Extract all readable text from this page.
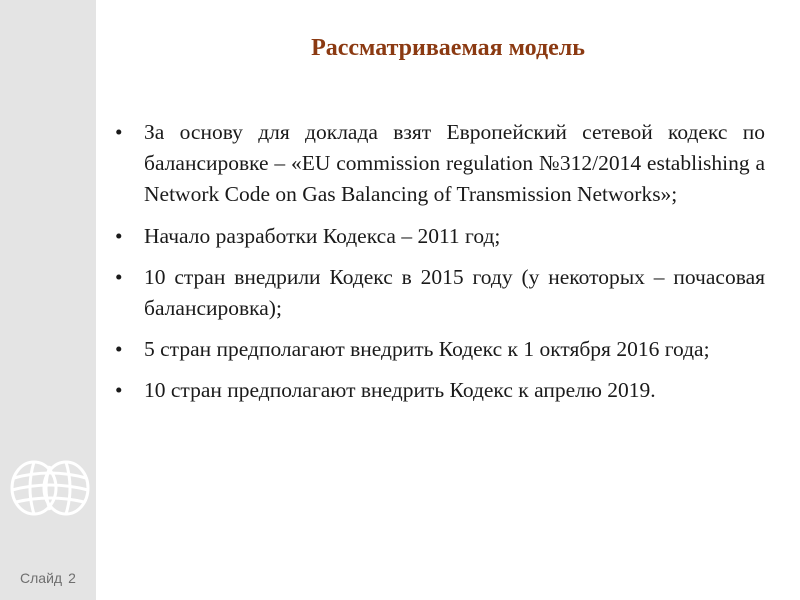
Слайд 2
Рассматриваемая модель
• За основу для доклада взят Европейский сетевой кодекс по балансировке – «EU commission regulation №312/2014 establishing a Network Code on Gas Balancing of Transmission Networks»;
• Начало разработки Кодекса – 2011 год;
• 10 стран внедрили Кодекс в 2015 году (у некоторых – почасовая балансировка);
• 5 стран предполагают внедрить Кодекс к 1 октября 2016 года;
• 10 стран предполагают внедрить Кодекс к апрелю 2019.
